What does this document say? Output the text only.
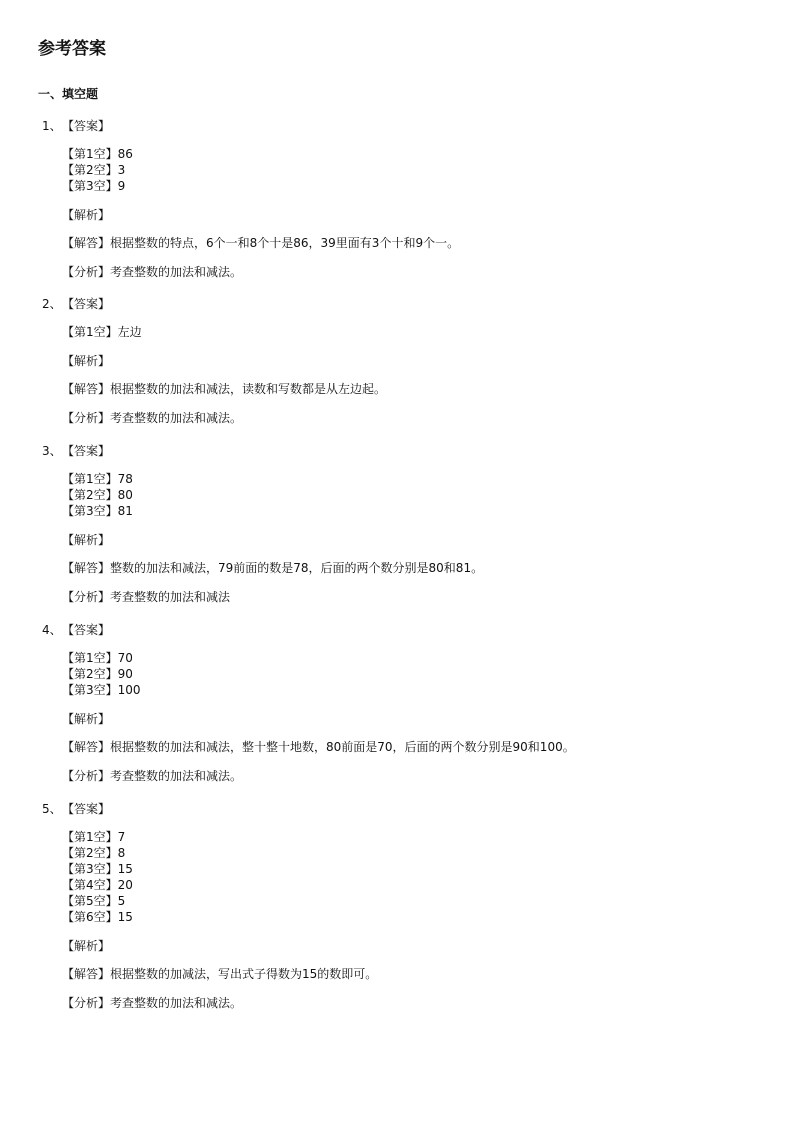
参考答案
一、填空题
1、【答案】
【第1空】86
【第2空】3
【第3空】9
【解析】
【解答】根据整数的特点，6个一和8个十是86，39里面有3个十和9个一。
【分析】考查整数的加法和减法。
2、【答案】
【第1空】左边
【解析】
【解答】根据整数的加法和减法，读数和写数都是从左边起。
【分析】考查整数的加法和减法。
3、【答案】
【第1空】78
【第2空】80
【第3空】81
【解析】
【解答】整数的加法和减法，79前面的数是78，后面的两个数分别是80和81。
【分析】考查整数的加法和减法
4、【答案】
【第1空】70
【第2空】90
【第3空】100
【解析】
【解答】根据整数的加法和减法，整十整十地数，80前面是70，后面的两个数分别是90和100。
【分析】考查整数的加法和减法。
5、【答案】
【第1空】7
【第2空】8
【第3空】15
【第4空】20
【第5空】5
【第6空】15
【解析】
【解答】根据整数的加减法，写出式子得数为15的数即可。
【分析】考查整数的加法和减法。
